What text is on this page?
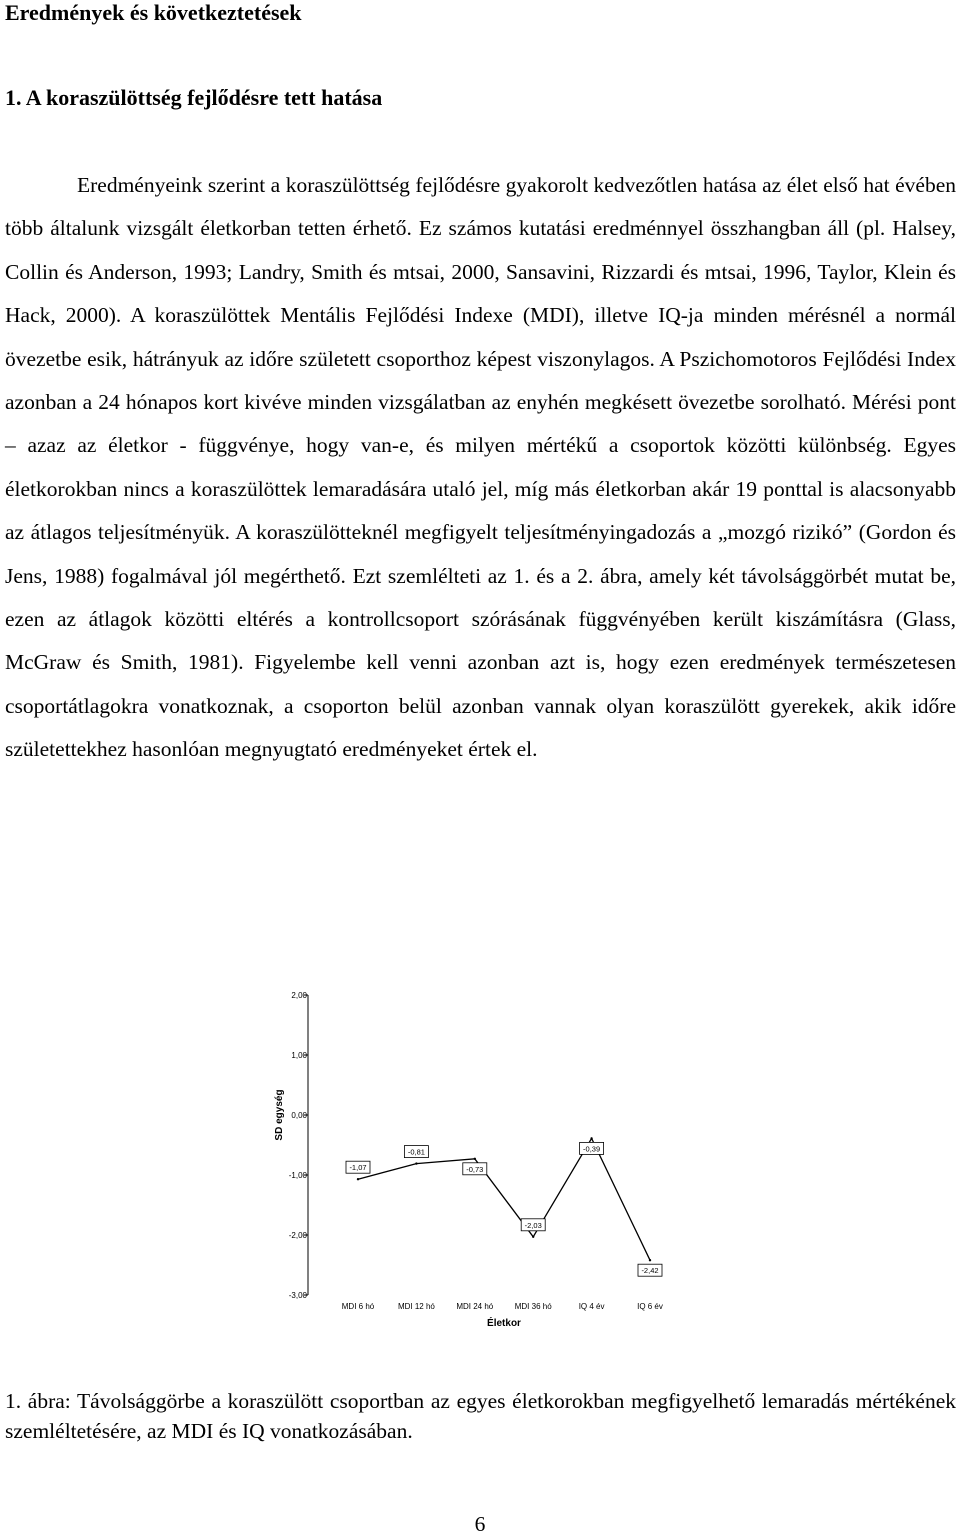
Eredmények és következtetések
1. A koraszülöttség fejlődésre tett hatása

Eredményeink szerint a koraszülöttség fejlődésre gyakorolt kedvezőtlen hatása az élet első hat évében több általunk vizsgált életkorban tetten érhető. Ez számos kutatási eredménnyel összhangban áll (pl. Halsey, Collin és Anderson, 1993; Landry, Smith és mtsai, 2000, Sansavini, Rizzardi és mtsai, 1996, Taylor, Klein és Hack, 2000). A koraszülöttek Mentális Fejlődési Indexe (MDI), illetve IQ-ja minden mérésnél a normál övezetbe esik, hátrányuk az időre született csoporthoz képest viszonylagos. A Pszichomotoros Fejlődési Index azonban a 24 hónapos kort kivéve minden vizsgálatban az enyhén megkésett övezetbe sorolható. Mérési pont – azaz az életkor - függvénye, hogy van-e, és milyen mértékű a csoportok közötti különbség. Egyes életkorokban nincs a koraszülöttek lemaradására utaló jel, míg más életkorban akár 19 ponttal is alacsonyabb az átlagos teljesítményük. A koraszülötteknél megfigyelt teljesítményingadozás a „mozgó rizikó” (Gordon és Jens, 1988) fogalmával jól megérthető. Ezt szemlélteti az 1. és a 2. ábra, amely két távolsággörbét mutat be, ezen az átlagok közötti eltérés a kontrollcsoport szórásának függvényében került kiszámításra (Glass, McGraw és Smith, 1981). Figyelembe kell venni azonban azt is, hogy ezen eredmények természetesen csoportátlagokra vonatkoznak, a csoporton belül azonban vannak olyan koraszülött gyerekek, akik időre születettekhez hasonlóan megnyugtató eredményeket értek el.

2,00
1,00
0,00
-1,00
-2,00
-3,00
SD egység
-1,07
-0,81
-0,73
-2,03
-0,39
-2,42
MDI 6 hó	MDI 12 hó	MDI 24 hó	MDI 36 hó	IQ 4 év	IQ 6 év
Életkor

1. ábra: Távolsággörbe a koraszülött csoportban az egyes életkorokban megfigyelhető lemaradás mértékének szemléltetésére, az MDI és IQ vonatkozásában.

6
